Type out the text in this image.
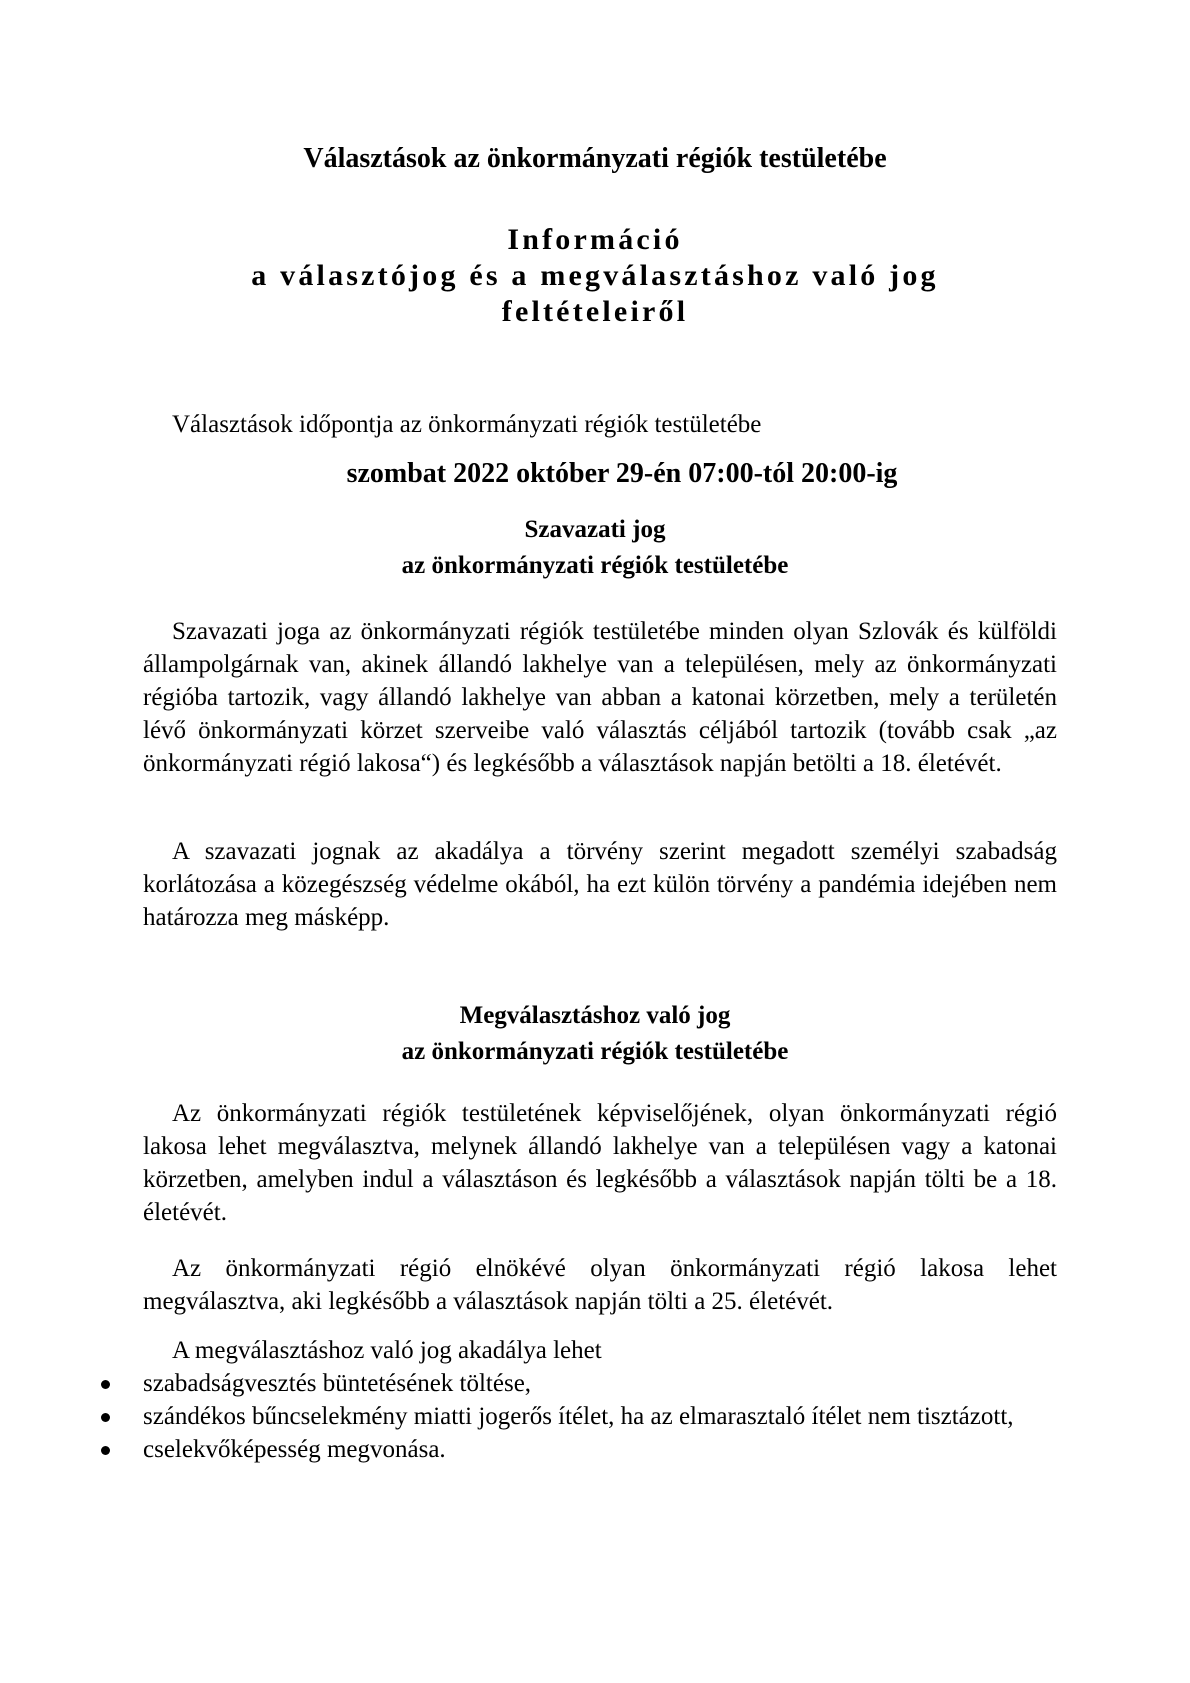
Választások az önkormányzati régiók testületébe
Információ
a választójog és a megválasztáshoz való jog
feltételeiről

Választások időpontja az önkormányzati régiók testületébe

szombat 2022 október 29-én 07:00-tól 20:00-ig

Szavazati jog
az önkormányzati régiók testületébe

Szavazati joga az önkormányzati régiók testületébe minden olyan Szlovák és külföldi állampolgárnak van, akinek állandó lakhelye van a településen, mely az önkormányzati régióba tartozik, vagy állandó lakhelye van abban a katonai körzetben, mely a területén lévő önkormányzati körzet szerveibe való választás céljából tartozik (tovább csak „az önkormányzati régió lakosa“) és legkésőbb a választások napján betölti a 18. életévét.

A szavazati jognak az akadálya a törvény szerint megadott személyi szabadság korlátozása a közegészség védelme okából, ha ezt külön törvény a pandémia idejében nem határozza meg másképp.

Megválasztáshoz való jog
az önkormányzati régiók testületébe

Az önkormányzati régiók testületének képviselőjének, olyan önkormányzati régió lakosa lehet megválasztva, melynek állandó lakhelye van a településen vagy a katonai körzetben, amelyben indul a választáson és legkésőbb a választások napján tölti be a 18. életévét.

Az önkormányzati régió elnökévé olyan önkormányzati régió lakosa lehet megválasztva, aki legkésőbb a választások napján tölti a 25. életévét.

A megválasztáshoz való jog akadálya lehet

szabadságvesztés büntetésének töltése,
szándékos bűncselekmény miatti jogerős ítélet, ha az elmarasztaló ítélet nem tisztázott,
cselekvőképesség megvonása.
